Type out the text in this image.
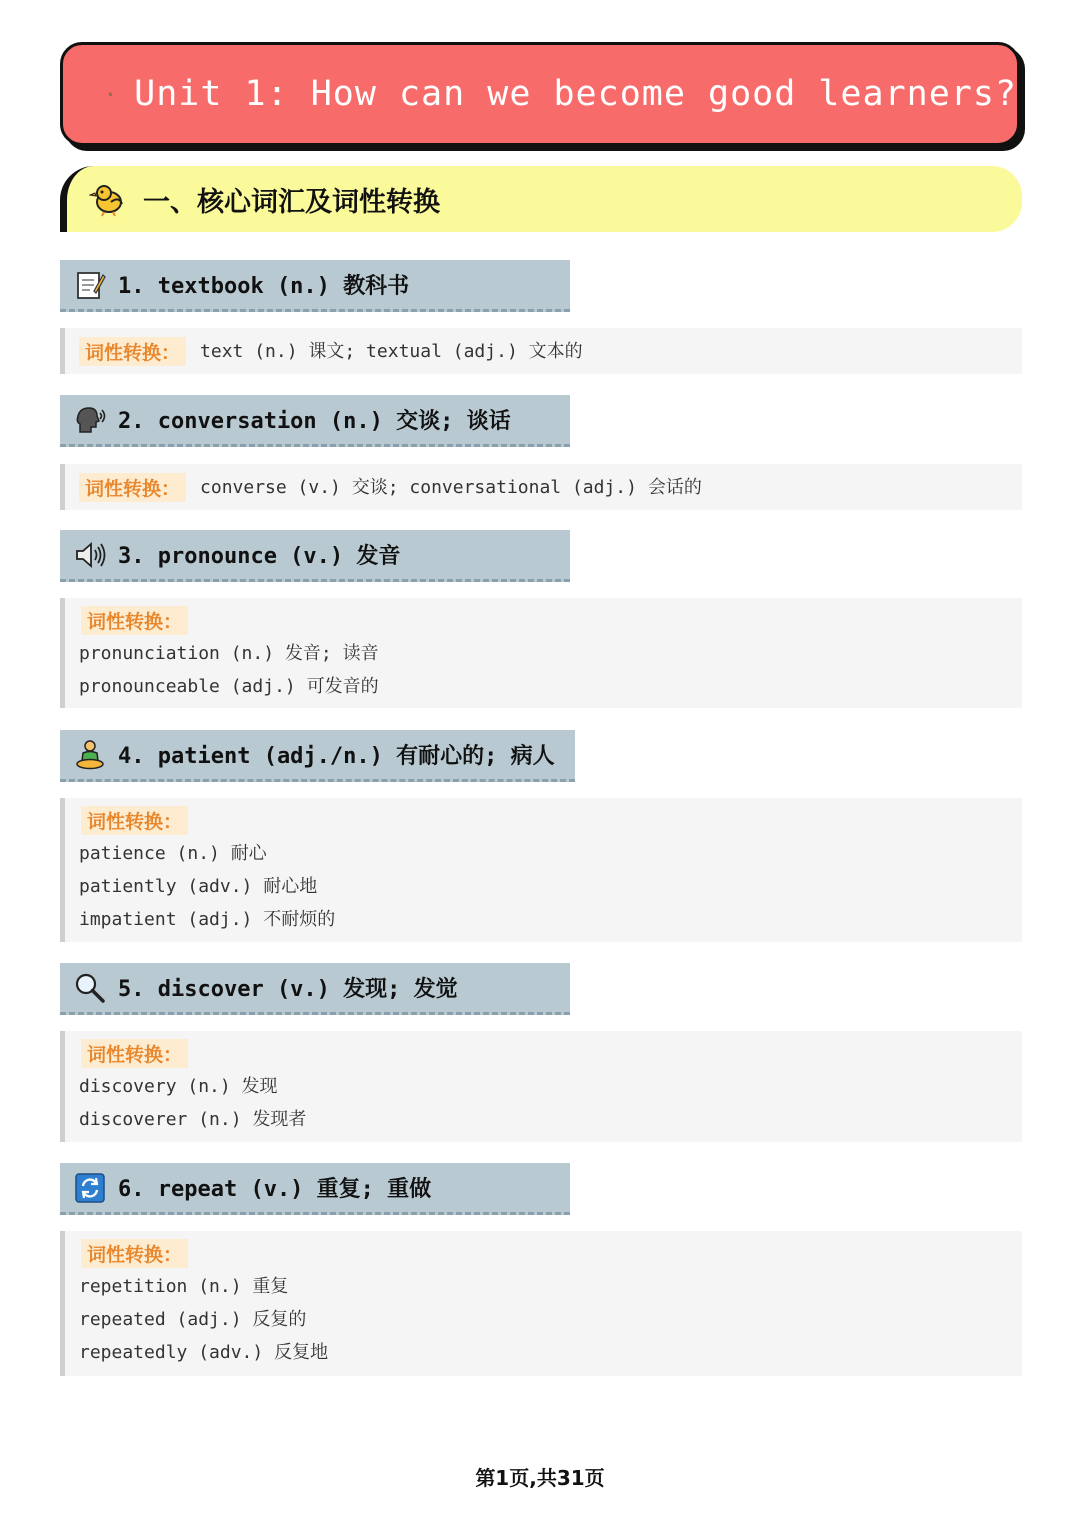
Unit 1: How can we become good learners?
一、核心词汇及词性转换
1. textbook (n.) 教科书
词性转换：	text (n.) 课文; textual (adj.) 文本的
2. conversation (n.) 交谈; 谈话
词性转换：	converse (v.) 交谈; conversational (adj.) 会话的
3. pronounce (v.) 发音
词性转换：
pronunciation (n.) 发音; 读音
pronounceable (adj.) 可发音的
4. patient (adj./n.) 有耐心的; 病人
词性转换：
patience (n.) 耐心
patiently (adv.) 耐心地
impatient (adj.) 不耐烦的
5. discover (v.) 发现; 发觉
词性转换：
discovery (n.) 发现
discoverer (n.) 发现者
6. repeat (v.) 重复; 重做
词性转换：
repetition (n.) 重复
repeated (adj.) 反复的
repeatedly (adv.) 反复地
第1页,共31页
